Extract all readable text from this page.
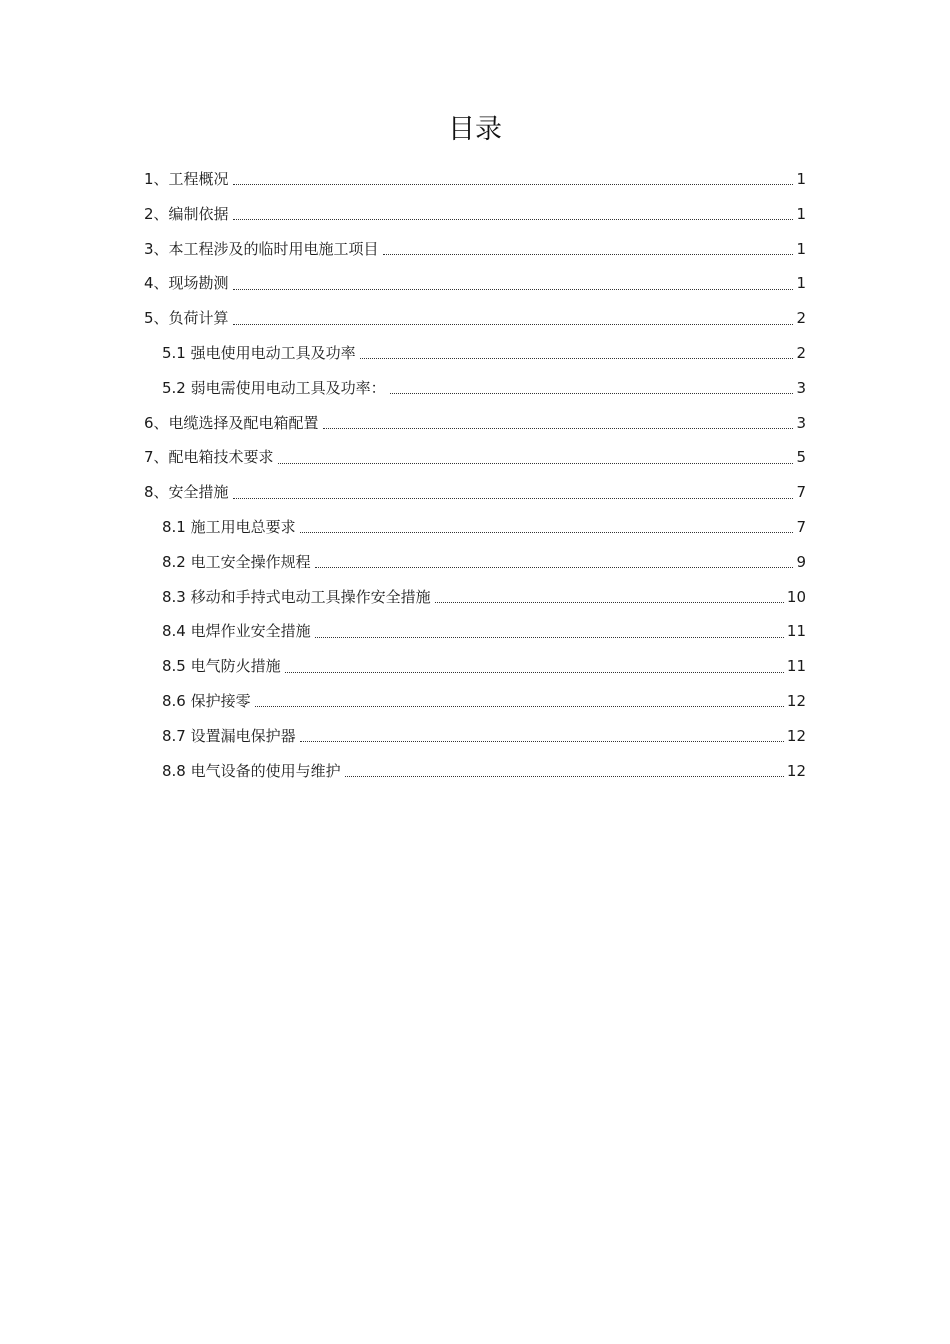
目录
1、工程概况	1
2、编制依据	1
3、本工程涉及的临时用电施工项目	1
4、现场勘测	1
5、负荷计算	2
5.1 强电使用电动工具及功率	2
5.2 弱电需使用电动工具及功率：	3
6、电缆选择及配电箱配置	3
7、配电箱技术要求	5
8、安全措施	7
8.1 施工用电总要求	7
8.2 电工安全操作规程	9
8.3 移动和手持式电动工具操作安全措施	10
8.4 电焊作业安全措施	11
8.5 电气防火措施	11
8.6 保护接零	12
8.7 设置漏电保护器	12
8.8 电气设备的使用与维护	12
